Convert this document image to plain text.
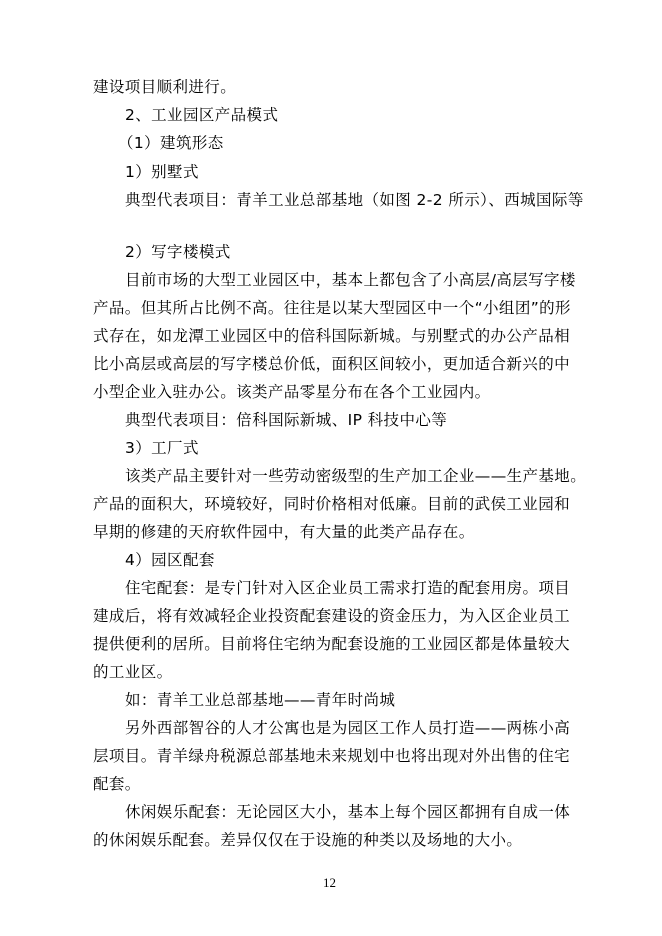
建设项目顺利进行。
2、工业园区产品模式
（1）建筑形态
1）别墅式
典型代表项目：青羊工业总部基地（如图 2-2 所示）、西城国际等
2）写字楼模式
目前市场的大型工业园区中，基本上都包含了小高层/高层写字楼
产品。但其所占比例不高。往往是以某大型园区中一个“小组团”的形
式存在，如龙潭工业园区中的倍科国际新城。与别墅式的办公产品相
比小高层或高层的写字楼总价低，面积区间较小，更加适合新兴的中
小型企业入驻办公。该类产品零星分布在各个工业园内。
典型代表项目：倍科国际新城、IP 科技中心等
3）工厂式
该类产品主要针对一些劳动密级型的生产加工企业——生产基地。
产品的面积大，环境较好，同时价格相对低廉。目前的武侯工业园和
早期的修建的天府软件园中，有大量的此类产品存在。
4）园区配套
住宅配套：是专门针对入区企业员工需求打造的配套用房。项目
建成后，将有效减轻企业投资配套建设的资金压力，为入区企业员工
提供便利的居所。目前将住宅纳为配套设施的工业园区都是体量较大
的工业区。
如：青羊工业总部基地——青年时尚城
另外西部智谷的人才公寓也是为园区工作人员打造——两栋小高
层项目。青羊绿舟税源总部基地未来规划中也将出现对外出售的住宅
配套。
休闲娱乐配套：无论园区大小，基本上每个园区都拥有自成一体
的休闲娱乐配套。差异仅仅在于设施的种类以及场地的大小。
12
